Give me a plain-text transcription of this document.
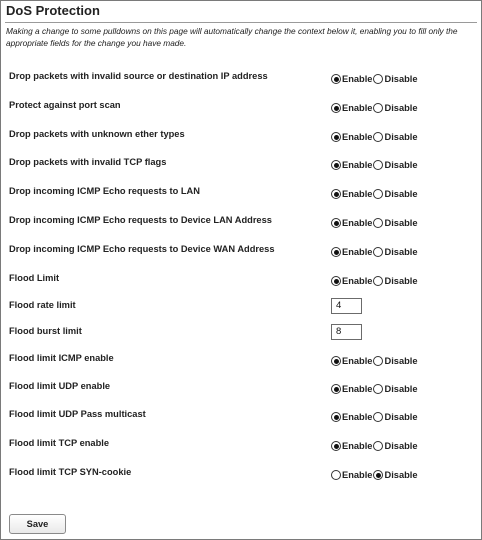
DoS Protection
Making a change to some pulldowns on this page will automatically change the context below it, enabling you to fill only the appropriate fields for the change you have made.
Drop packets with invalid source or destination IP address	Enable Disable
Protect against port scan	Enable Disable
Drop packets with unknown ether types	Enable Disable
Drop packets with invalid TCP flags	Enable Disable
Drop incoming ICMP Echo requests to LAN	Enable Disable
Drop incoming ICMP Echo requests to Device LAN Address	Enable Disable
Drop incoming ICMP Echo requests to Device WAN Address	Enable Disable
Flood Limit	Enable Disable
Flood rate limit	4
Flood burst limit	8
Flood limit ICMP enable	Enable Disable
Flood limit UDP enable	Enable Disable
Flood limit UDP Pass multicast	Enable Disable
Flood limit TCP enable	Enable Disable
Flood limit TCP SYN-cookie	Enable Disable
Save
